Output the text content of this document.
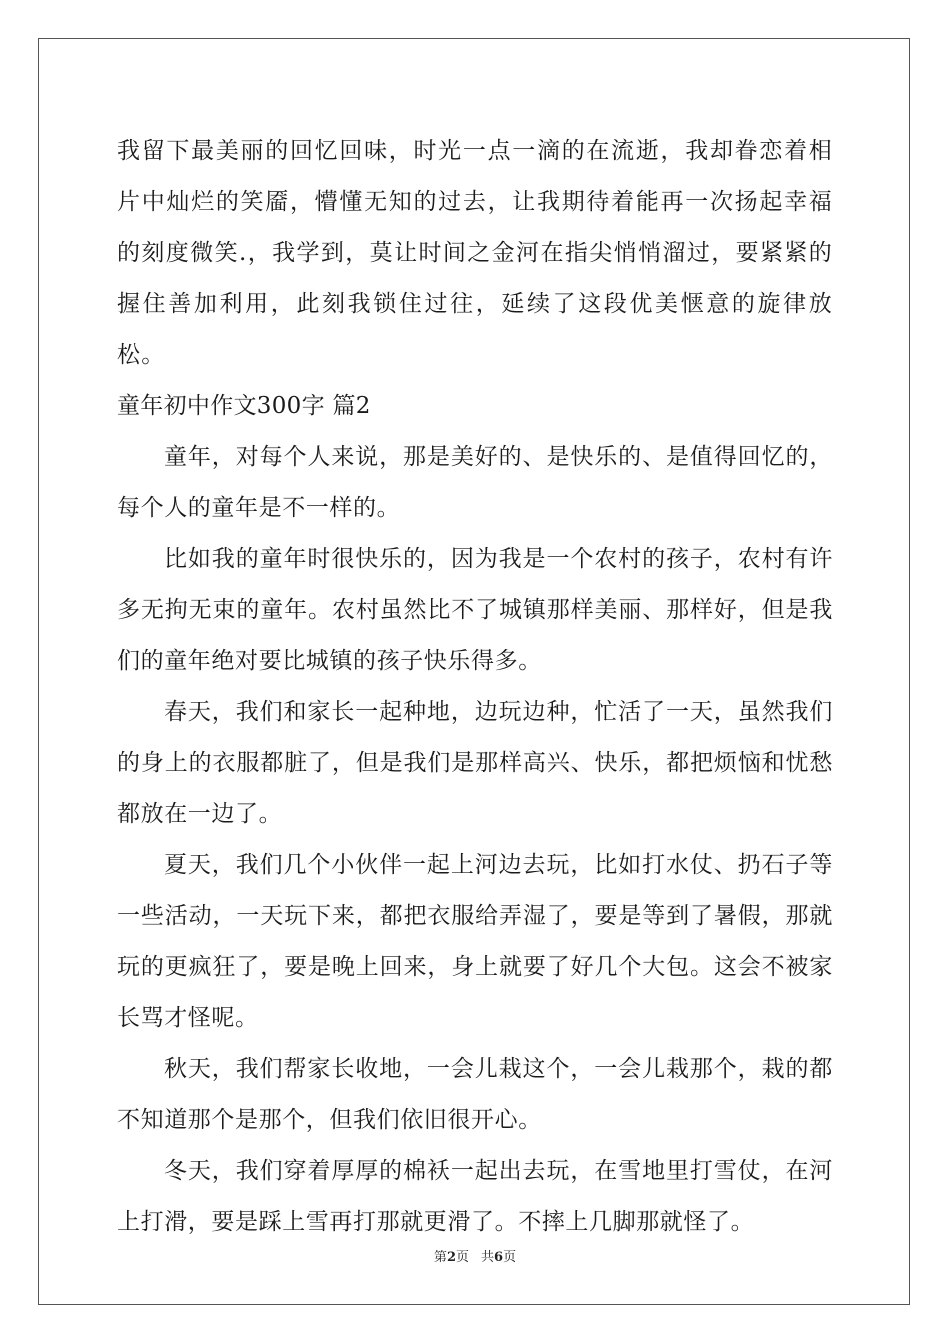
我留下最美丽的回忆回味，时光一点一滴的在流逝，我却眷恋着相片中灿烂的笑靥，懵懂无知的过去，让我期待着能再一次扬起幸福的刻度微笑.，我学到，莫让时间之金河在指尖悄悄溜过，要紧紧的握住善加利用，此刻我锁住过往，延续了这段优美惬意的旋律放松。

童年初中作文300字 篇2

童年，对每个人来说，那是美好的、是快乐的、是值得回忆的，每个人的童年是不一样的。

比如我的童年时很快乐的，因为我是一个农村的孩子，农村有许多无拘无束的童年。农村虽然比不了城镇那样美丽、那样好，但是我们的童年绝对要比城镇的孩子快乐得多。

春天，我们和家长一起种地，边玩边种，忙活了一天，虽然我们的身上的衣服都脏了，但是我们是那样高兴、快乐，都把烦恼和忧愁都放在一边了。

夏天，我们几个小伙伴一起上河边去玩，比如打水仗、扔石子等一些活动，一天玩下来，都把衣服给弄湿了，要是等到了暑假，那就玩的更疯狂了，要是晚上回来，身上就要了好几个大包。这会不被家长骂才怪呢。

秋天，我们帮家长收地，一会儿栽这个，一会儿栽那个，栽的都不知道那个是那个，但我们依旧很开心。

冬天，我们穿着厚厚的棉袄一起出去玩，在雪地里打雪仗，在河上打滑，要是踩上雪再打那就更滑了。不摔上几脚那就怪了。

第2页 共6页
